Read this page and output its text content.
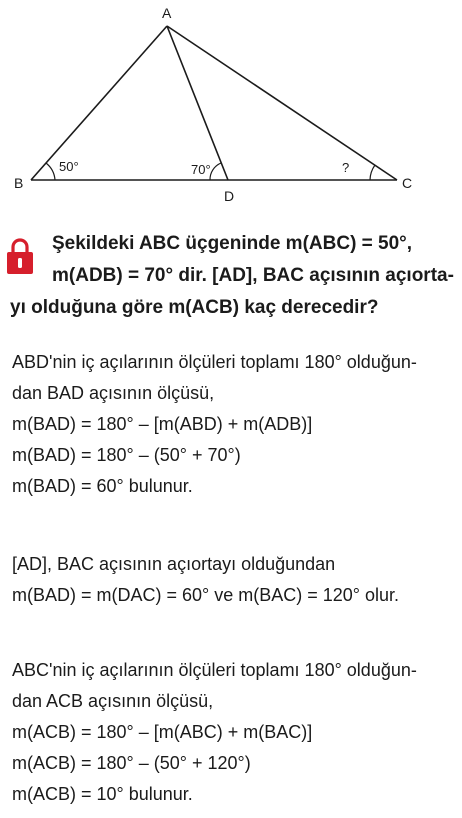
A
B	C
D
50°	70°	?
Şekildeki ABC üçgeninde m(ABC) = 50°,
m(ADB) = 70° dir. [AD], BAC açısının açıorta-
yı olduğuna göre m(ACB) kaç derecedir?
ABD'nin iç açılarının ölçüleri toplamı 180° olduğun-
dan BAD açısının ölçüsü,
m(BAD) = 180° – [m(ABD) + m(ADB)]
m(BAD) = 180° – (50° + 70°)
m(BAD) = 60° bulunur.
[AD], BAC açısının açıortayı olduğundan
m(BAD) = m(DAC) = 60° ve m(BAC) = 120° olur.
ABC'nin iç açılarının ölçüleri toplamı 180° olduğun-
dan ACB açısının ölçüsü,
m(ACB) = 180° – [m(ABC) + m(BAC)]
m(ACB) = 180° – (50° + 120°)
m(ACB) = 10° bulunur.
